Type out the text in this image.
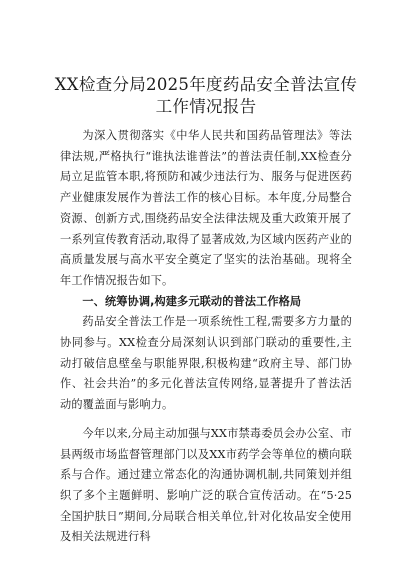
XX检查分局2025年度药品安全普法宣传工作情况报告

为深入贯彻落实《中华人民共和国药品管理法》等法律法规,严格执行“谁执法谁普法”的普法责任制,XX检查分局立足监管本职,将预防和减少违法行为、服务与促进医药产业健康发展作为普法工作的核心目标。本年度,分局整合资源、创新方式,围绕药品安全法律法规及重大政策开展了一系列宣传教育活动,取得了显著成效,为区域内医药产业的高质量发展与高水平安全奠定了坚实的法治基础。现将全年工作情况报告如下。

一、统筹协调,构建多元联动的普法工作格局

药品安全普法工作是一项系统性工程,需要多方力量的协同参与。XX检查分局深刻认识到部门联动的重要性,主动打破信息壁垒与职能界限,积极构建“政府主导、部门协作、社会共治”的多元化普法宣传网络,显著提升了普法活动的覆盖面与影响力。

今年以来,分局主动加强与XX市禁毒委员会办公室、市县两级市场监督管理部门以及XX市药学会等单位的横向联系与合作。通过建立常态化的沟通协调机制,共同策划并组织了多个主题鲜明、影响广泛的联合宣传活动。在“5·25全国护肤日”期间,分局联合相关单位,针对化妆品安全使用及相关法规进行科
